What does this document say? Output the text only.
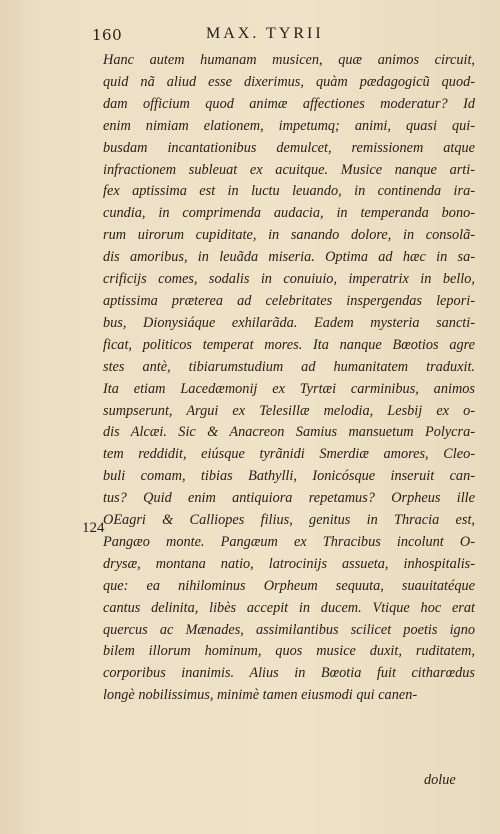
160	MAX. TYRII
124
Hanc autem humanam musicen, quæ animos circuit,
quid nã aliud esse dixerimus, quàm pædagogicũ quod-
dam officium quod animæ affectiones moderatur? Id
enim nimiam elationem, impetumq; animi, quasi qui-
busdam incantationibus demulcet, remissionem atque
infractionem subleuat ex acuitque. Musice nanque arti-
fex aptissima est in luctu leuando, in continenda ira-
cundia, in comprimenda audacia, in temperanda bono-
rum uirorum cupiditate, in sanando dolore, in consolã-
dis amoribus, in leuãda miseria. Optima ad hæc in sa-
crificijs comes, sodalis in conuiuio, imperatrix in bello,
aptissima præterea ad celebritates inspergendas lepori-
bus, Dionysiáque exhilarãda. Eadem mysteria sancti-
ficat, politicos temperat mores. Ita nanque Bœotios agre
stes antè, tibiarumstudium ad humanitatem traduxit.
Ita etiam Lacedæmonij ex Tyrtæi carminibus, animos
sumpserunt, Argui ex Telesillæ melodia, Lesbij ex o-
dis Alcæi. Sic & Anacreon Samius mansuetum Polycra-
tem reddidit, eiúsque tyrãnidi Smerdiæ amores, Cleo-
buli comam, tibias Bathylli, Ionicósque inseruit can-
tus? Quid enim antiquiora repetamus? Orpheus ille
OEagri & Calliopes filius, genitus in Thracia est,
Pangæo monte. Pangæum ex Thracibus incolunt O-
drysæ, montana natio, latrocinijs assueta, inhospitalis-
que: ea nihilominus Orpheum sequuta, suauitatéque
cantus delinita, libès accepit in ducem. Vtique hoc erat
quercus ac Mænades, assimilantibus scilicet poetis igno
bilem illorum hominum, quos musice duxit, ruditatem,
corporibus inanimis. Alius in Bœotia fuit citharœdus
longè nobilissimus, minimè tamen eiusmodi qui canen-
dolue
